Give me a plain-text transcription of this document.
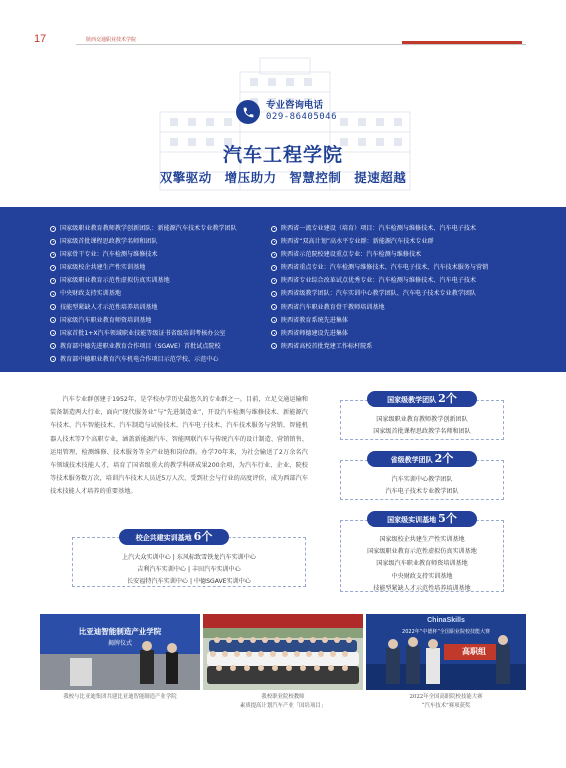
17	陕西交通职业技术学院
专业咨询电话
029-86405046
汽车工程学院
双擎驱动 增压助力 智慧控制 提速超越
国家级职业教育教师教学创新团队：新能源汽车技术专业教学团队
国家级首批课程思政教学名师和团队
国家骨干专业：汽车检测与维修技术
国家级校企共建生产性实训基地
国家级职业教育示范性虚拟仿真实训基地
中央财政支持实训基地
技能型紧缺人才示范性培养培训基地
国家级汽车职业教育师资培训基地
国家首批1+X汽车领域职业技能等级证书省级培训考核办公室
教育部中德先进职业教育合作项目（SGAVE）首批试点院校
教育部中德职业教育汽车机电合作项目示范学校、示范中心
陕西省一流专业建设（培育）项目：汽车检测与维修技术、汽车电子技术
陕西省“双高计划”高水平专业群：新能源汽车技术专业群
陕西省示范院校建设重点专业：汽车检测与维修技术
陕西省重点专业：汽车检测与维修技术、汽车电子技术、汽车技术服务与营销
陕西省专业综合改革试点优秀专业：汽车检测与维修技术、汽车电子技术
陕西省级教学团队：汽车实训中心教学团队、汽车电子技术专业教学团队
陕西省汽车职业教育骨干教师培训基地
陕西省教育系统先进集体
陕西省师德建设先进集体
陕西省高校首批党建工作标杆院系

汽车专业群创建于1952年，是学校办学历史最悠久的专业群之一。目前，立足交通运输和装备制造两大行业，面向“现代服务业”与“先进制造业”，开设汽车检测与维修技术、新能源汽车技术、汽车智能技术、汽车制造与试验技术、汽车电子技术、汽车技术服务与营销、智能机器人技术等7个高职专业，涵盖新能源汽车、智能网联汽车与传统汽车的设计制造、营销销售、运用管理、检测维修、技术服务等全产业链和岗位群。办学70年来，为社会输送了2万余名汽车领域技术技能人才，培育了国省级重大的教学科研成果200余项，为汽车行业、企业、院校等技术服务数万次，培训汽车技术人员近5万人次，受到社会与行业的高度评价，成为西部汽车技术技能人才培养的重要基地。

国家级职业教育教师教学创新团队
国家级首批课程思政教学名师和团队
国家级教学团队 2个
汽车实训中心教学团队
汽车电子技术专业教学团队
省级教学团队 2个
国家级校企共建生产性实训基地
国家级职业教育示范性虚拟仿真实训基地
国家级汽车职业教育师资培训基地
中央财政支持实训基地
技能型紧缺人才示范性培养培训基地
国家级实训基地 5个
上汽大众实训中心 | 东风标致雪铁龙汽车实训中心
吉利汽车实训中心 | 丰田汽车实训中心
长安福特汽车实训中心 | 中德SGAVE实训中心
校企共建实训基地 6个
比亚迪智能制造产业学院
揭牌仪式
ChinaSkills
2022年“中德杯”全国职业院校技能大赛
高职组
我校与比亚迪集团共建比亚迪智能制造产业学院	我校职业院校教师
素质提高计划汽车产业「国培项目」
2022年全国高职院校技能大赛
“汽车技术”赛项获奖
